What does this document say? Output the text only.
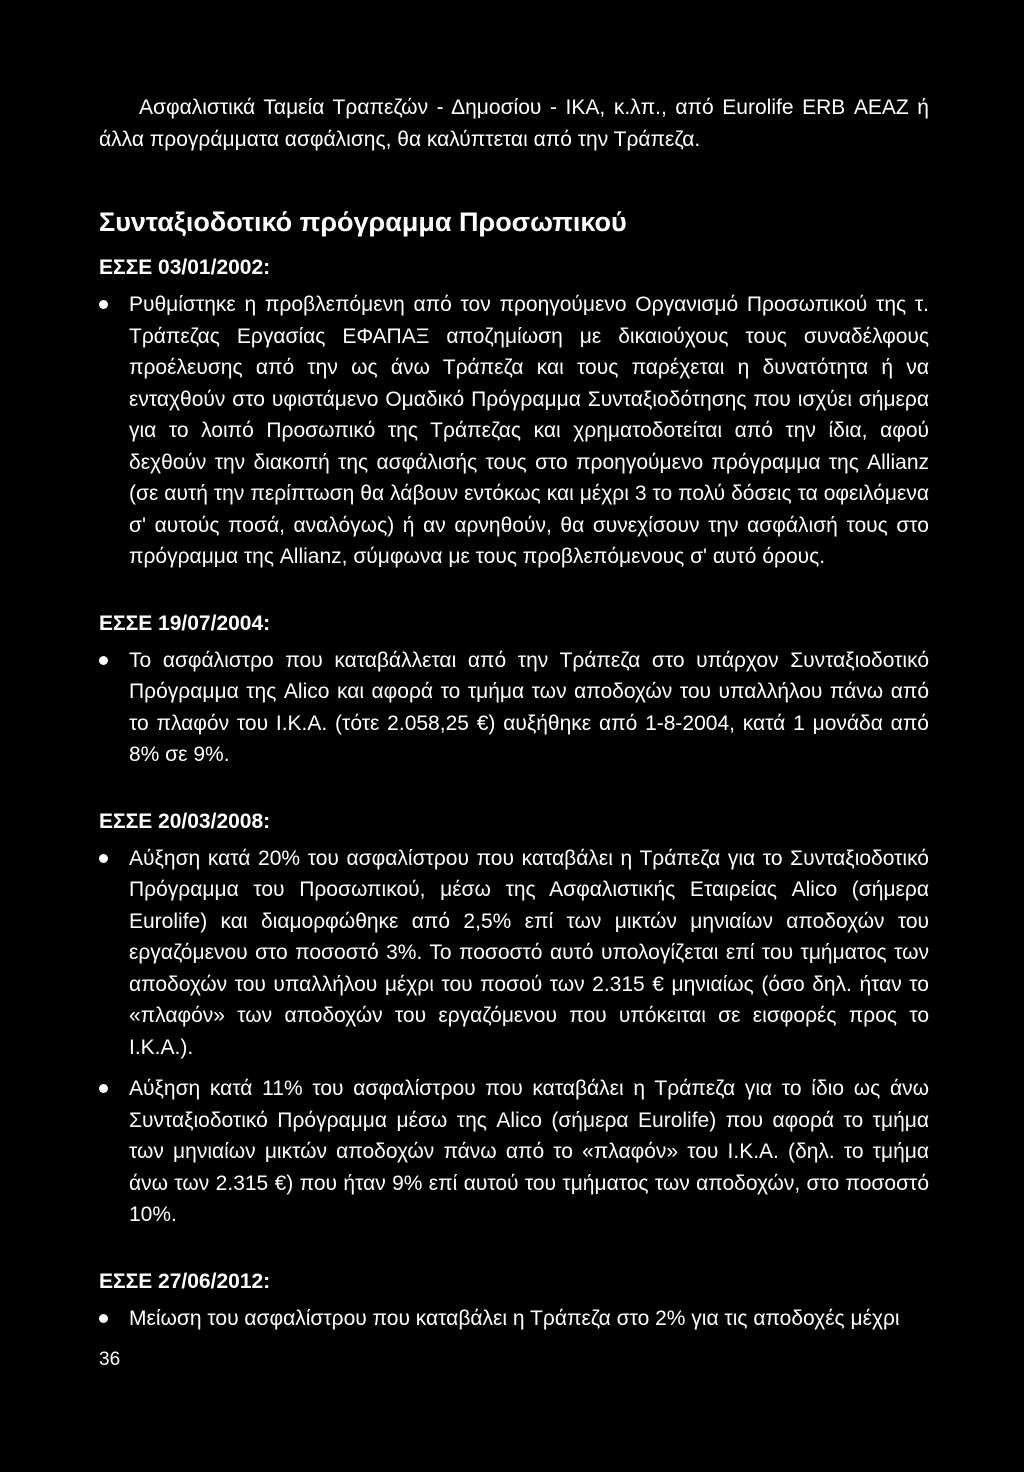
Ασφαλιστικά Ταμεία Τραπεζών - Δημοσίου - ΙΚΑ, κ.λπ., από Eurolife ERB ΑΕΑΖ ή άλλα προγράμματα ασφάλισης, θα καλύπτεται από την Τράπεζα.

Συνταξιοδοτικό πρόγραμμα Προσωπικού
ΕΣΣΕ 03/01/2002:
Ρυθμίστηκε η προβλεπόμενη από τον προηγούμενο Οργανισμό Προσωπικού της τ. Τράπεζας Εργασίας ΕΦΑΠΑΞ αποζημίωση με δικαιούχους τους συναδέλφους προέλευσης από την ως άνω Τράπεζα και τους παρέχεται η δυνατότητα ή να ενταχθούν στο υφιστάμενο Ομαδικό Πρόγραμμα Συνταξιοδότησης που ισχύει σήμερα για το λοιπό Προσωπικό της Τράπεζας και χρηματοδοτείται από την ίδια, αφού δεχθούν την διακοπή της ασφάλισής τους στο προηγούμενο πρόγραμμα της Allianz (σε αυτή την περίπτωση θα λάβουν εντόκως και μέχρι 3 το πολύ δόσεις τα οφειλόμενα σ' αυτούς ποσά, αναλόγως) ή αν αρνηθούν, θα συνεχίσουν την ασφάλισή τους στο πρόγραμμα της Allianz, σύμφωνα με τους προβλεπόμενους σ' αυτό όρους.
ΕΣΣΕ 19/07/2004:
Το ασφάλιστρο που καταβάλλεται από την Τράπεζα στο υπάρχον Συνταξιοδοτικό Πρόγραμμα της Alico και αφορά το τμήμα των αποδοχών του υπαλλήλου πάνω από το πλαφόν του Ι.Κ.Α. (τότε 2.058,25 €) αυξήθηκε από 1-8-2004, κατά 1 μονάδα από 8% σε 9%.
ΕΣΣΕ 20/03/2008:
Αύξηση κατά 20% του ασφαλίστρου που καταβάλει η Τράπεζα για το Συνταξιοδοτικό Πρόγραμμα του Προσωπικού, μέσω της Ασφαλιστικής Εταιρείας Alico (σήμερα Eurolife) και διαμορφώθηκε από 2,5% επί των μικτών μηνιαίων αποδοχών του εργαζόμενου στο ποσοστό 3%. Το ποσοστό αυτό υπολογίζεται επί του τμήματος των αποδοχών του υπαλλήλου μέχρι του ποσού των 2.315 € μηνιαίως (όσο δηλ. ήταν το «πλαφόν» των αποδοχών του εργαζόμενου που υπόκειται σε εισφορές προς το Ι.Κ.Α.).
Αύξηση κατά 11% του ασφαλίστρου που καταβάλει η Τράπεζα για το ίδιο ως άνω Συνταξιοδοτικό Πρόγραμμα μέσω της Alico (σήμερα Eurolife) που αφορά το τμήμα των μηνιαίων μικτών αποδοχών πάνω από το «πλαφόν» του Ι.Κ.Α. (δηλ. το τμήμα άνω των 2.315 €) που ήταν 9% επί αυτού του τμήματος των αποδοχών, στο ποσοστό 10%.
ΕΣΣΕ 27/06/2012:
Μείωση του ασφαλίστρου που καταβάλει η Τράπεζα στο 2% για τις αποδοχές μέχρι
36
